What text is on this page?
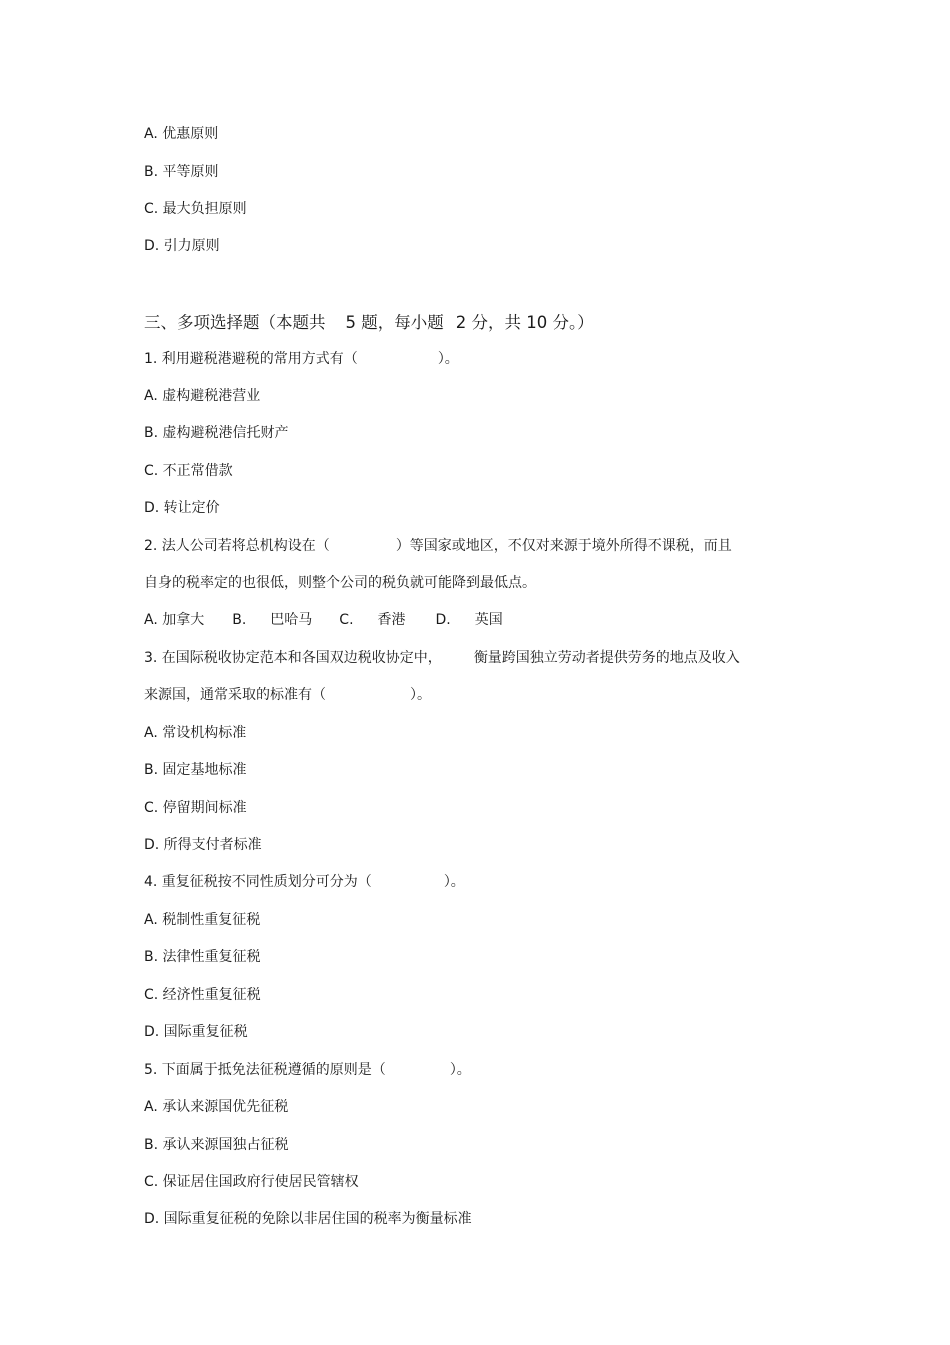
A. 优惠原则
B. 平等原则
C. 最大负担原则
D. 引力原则
三、多项选择题（本题共 5 题，每小题 2 分，共 10 分。）
1. 利用避税港避税的常用方式有（	）。
A. 虚构避税港营业
B. 虚构避税港信托财产
C. 不正常借款
D. 转让定价
2. 法人公司若将总机构设在（	）等国家或地区，不仅对来源于境外所得不课税，而且
自身的税率定的也很低，则整个公司的税负就可能降到最低点。
A. 加拿大 B. 巴哈马 C. 香港 D. 英国
3. 在国际税收协定范本和各国双边税收协定中， 衡量跨国独立劳动者提供劳务的地点及收入
来源国，通常采取的标准有（	）。
A. 常设机构标准
B. 固定基地标准
C. 停留期间标准
D. 所得支付者标准
4. 重复征税按不同性质划分可分为（	）。
A. 税制性重复征税
B. 法律性重复征税
C. 经济性重复征税
D. 国际重复征税
5. 下面属于抵免法征税遵循的原则是（	）。
A. 承认来源国优先征税
B. 承认来源国独占征税
C. 保证居住国政府行使居民管辖权
D. 国际重复征税的免除以非居住国的税率为衡量标准
